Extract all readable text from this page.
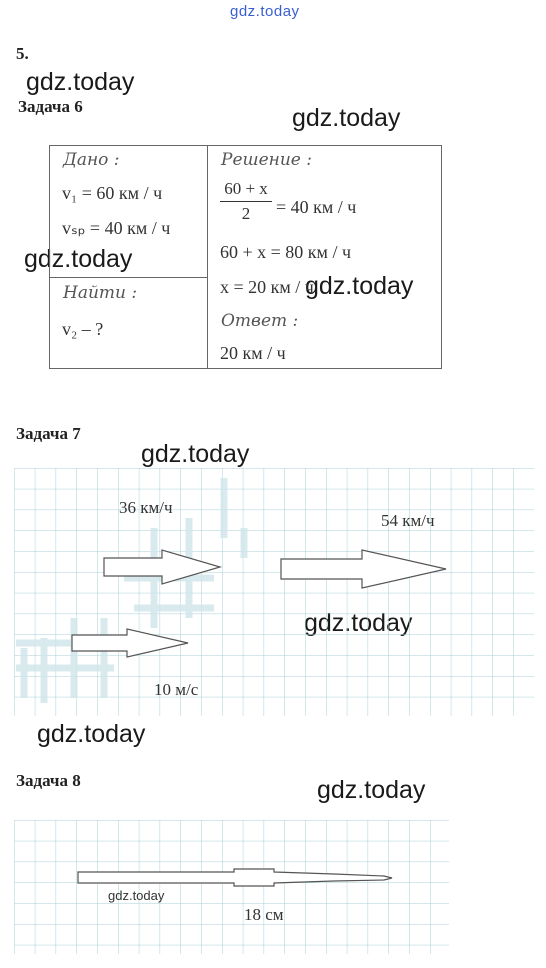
gdz.today
5.
gdz.today
gdz.today
gdz.today
gdz.today
gdz.today
gdz.today
gdz.today
Задача 6
Дано :
v₁ = 60 км / ч
vₛₚ = 40 км / ч
Найти :
v₂ – ?
Решение :
60 + x
2	= 40 км / ч
60 + x = 80 км / ч
x = 20 км / ч
Ответ :
20 км / ч
Задача 7
36 км/ч
54 км/ч
10 м/с
Задача 8
gdz.today
18 см
